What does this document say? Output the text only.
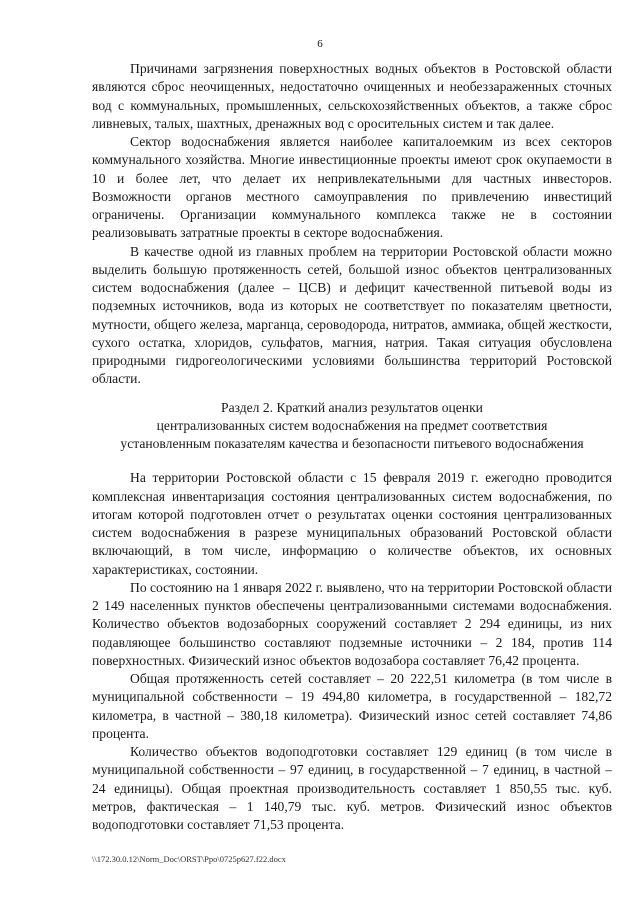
6

Причинами загрязнения поверхностных водных объектов в Ростовской области являются сброс неочищенных, недостаточно очищенных и необеззараженных сточных вод с коммунальных, промышленных, сельскохозяйственных объектов, а также сброс ливневых, талых, шахтных, дренажных вод с оросительных систем и так далее.

Сектор водоснабжения является наиболее капиталоемким из всех секторов коммунального хозяйства. Многие инвестиционные проекты имеют срок окупаемости в 10 и более лет, что делает их непривлекательными для частных инвесторов. Возможности органов местного самоуправления по привлечению инвестиций ограничены. Организации коммунального комплекса также не в состоянии реализовывать затратные проекты в секторе водоснабжения.

В качестве одной из главных проблем на территории Ростовской области можно выделить большую протяженность сетей, большой износ объектов централизованных систем водоснабжения (далее – ЦСВ) и дефицит качественной питьевой воды из подземных источников, вода из которых не соответствует по показателям цветности, мутности, общего железа, марганца, сероводорода, нитратов, аммиака, общей жесткости, сухого остатка, хлоридов, сульфатов, магния, натрия. Такая ситуация обусловлена природными гидрогеологическими условиями большинства территорий Ростовской области.

Раздел 2. Краткий анализ результатов оценки
централизованных систем водоснабжения на предмет соответствия
установленным показателям качества и безопасности питьевого водоснабжения

На территории Ростовской области с 15 февраля 2019 г. ежегодно проводится комплексная инвентаризация состояния централизованных систем водоснабжения, по итогам которой подготовлен отчет о результатах оценки состояния централизованных систем водоснабжения в разрезе муниципальных образований Ростовской области включающий, в том числе, информацию о количестве объектов, их основных характеристиках, состоянии.

По состоянию на 1 января 2022 г. выявлено, что на территории Ростовской области 2 149 населенных пунктов обеспечены централизованными системами водоснабжения. Количество объектов водозаборных сооружений составляет 2 294 единицы, из них подавляющее большинство составляют подземные источники – 2 184, против 114 поверхностных. Физический износ объектов водозабора составляет 76,42 процента.

Общая протяженность сетей составляет – 20 222,51 километра (в том числе в муниципальной собственности – 19 494,80 километра, в государственной – 182,72 километра, в частной – 380,18 километра). Физический износ сетей составляет 74,86 процента.

Количество объектов водоподготовки составляет 129 единиц (в том числе в муниципальной собственности – 97 единиц, в государственной – 7 единиц, в частной – 24 единицы). Общая проектная производительность составляет 1 850,55 тыс. куб. метров, фактическая – 1 140,79 тыс. куб. метров. Физический износ объектов водоподготовки составляет 71,53 процента.

\\172.30.0.12\Norm_Doc\ORST\Ppo\0725p627.f22.docx
